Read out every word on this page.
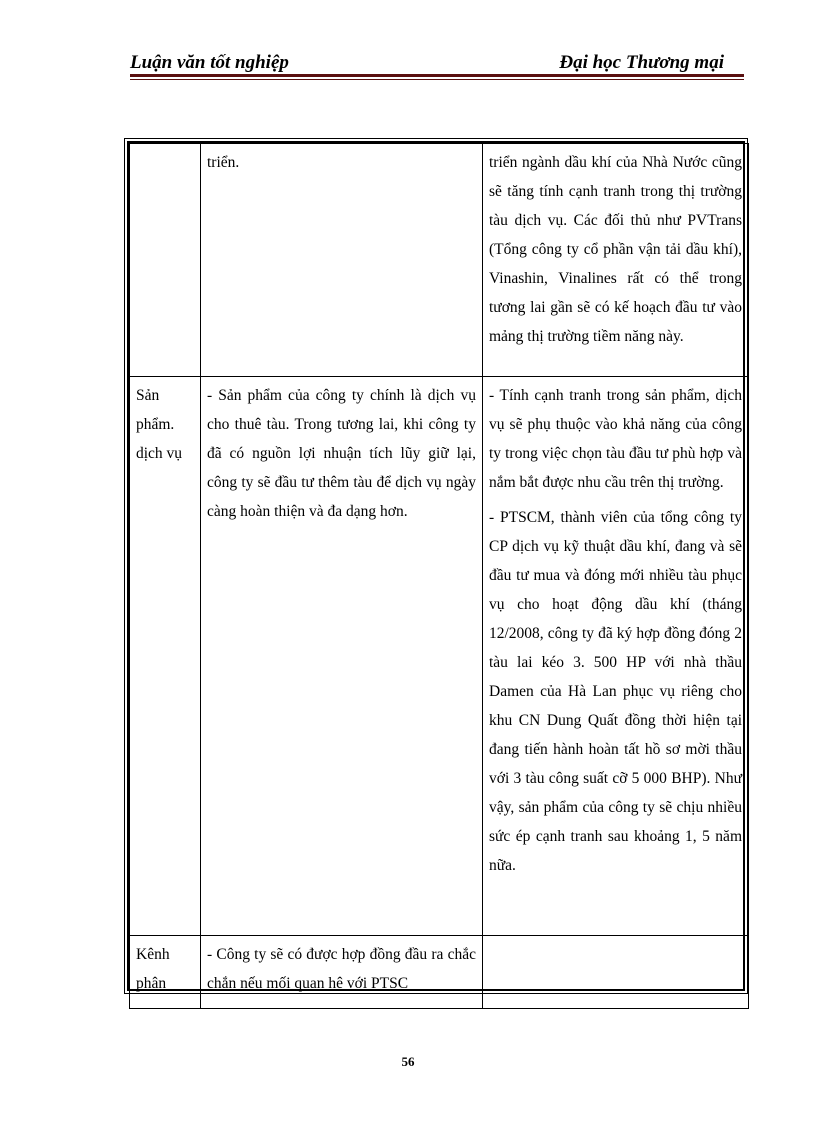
Luận văn tốt nghiệp	Đại học Thương mại

	triển.	triển ngành dầu khí của Nhà Nước cũng sẽ tăng tính cạnh tranh trong thị trường tàu dịch vụ. Các đối thủ như PVTrans (Tổng công ty cổ phần vận tải dầu khí), Vinashin, Vinalines rất có thể trong tương lai gần sẽ có kế hoạch đầu tư vào mảng thị trường tiềm năng này.

Sản phẩm. dịch vụ	- Sản phẩm của công ty chính là dịch vụ cho thuê tàu. Trong tương lai, khi công ty đã có nguồn lợi nhuận tích lũy giữ lại, công ty sẽ đầu tư thêm tàu để dịch vụ ngày càng hoàn thiện và đa dạng hơn.	- Tính cạnh tranh trong sản phẩm, dịch vụ sẽ phụ thuộc vào khả năng của công ty trong việc chọn tàu đầu tư phù hợp và nắm bắt được nhu cầu trên thị trường.

- PTSCM, thành viên của tổng công ty CP dịch vụ kỹ thuật dầu khí, đang và sẽ đầu tư mua và đóng mới nhiều tàu phục vụ cho hoạt động dầu khí (tháng 12/2008, công ty đã ký hợp đồng đóng 2 tàu lai kéo 3. 500 HP với nhà thầu Damen của Hà Lan phục vụ riêng cho khu CN Dung Quất đồng thời hiện tại đang tiến hành hoàn tất hồ sơ mời thầu với 3 tàu công suất cỡ 5 000 BHP). Như vậy, sản phẩm của công ty sẽ chịu nhiều sức ép cạnh tranh sau khoảng 1, 5 năm nữa.

Kênh phân	- Công ty sẽ có được hợp đồng đầu ra chắc chắn nếu mối quan hệ với PTSC	

56
